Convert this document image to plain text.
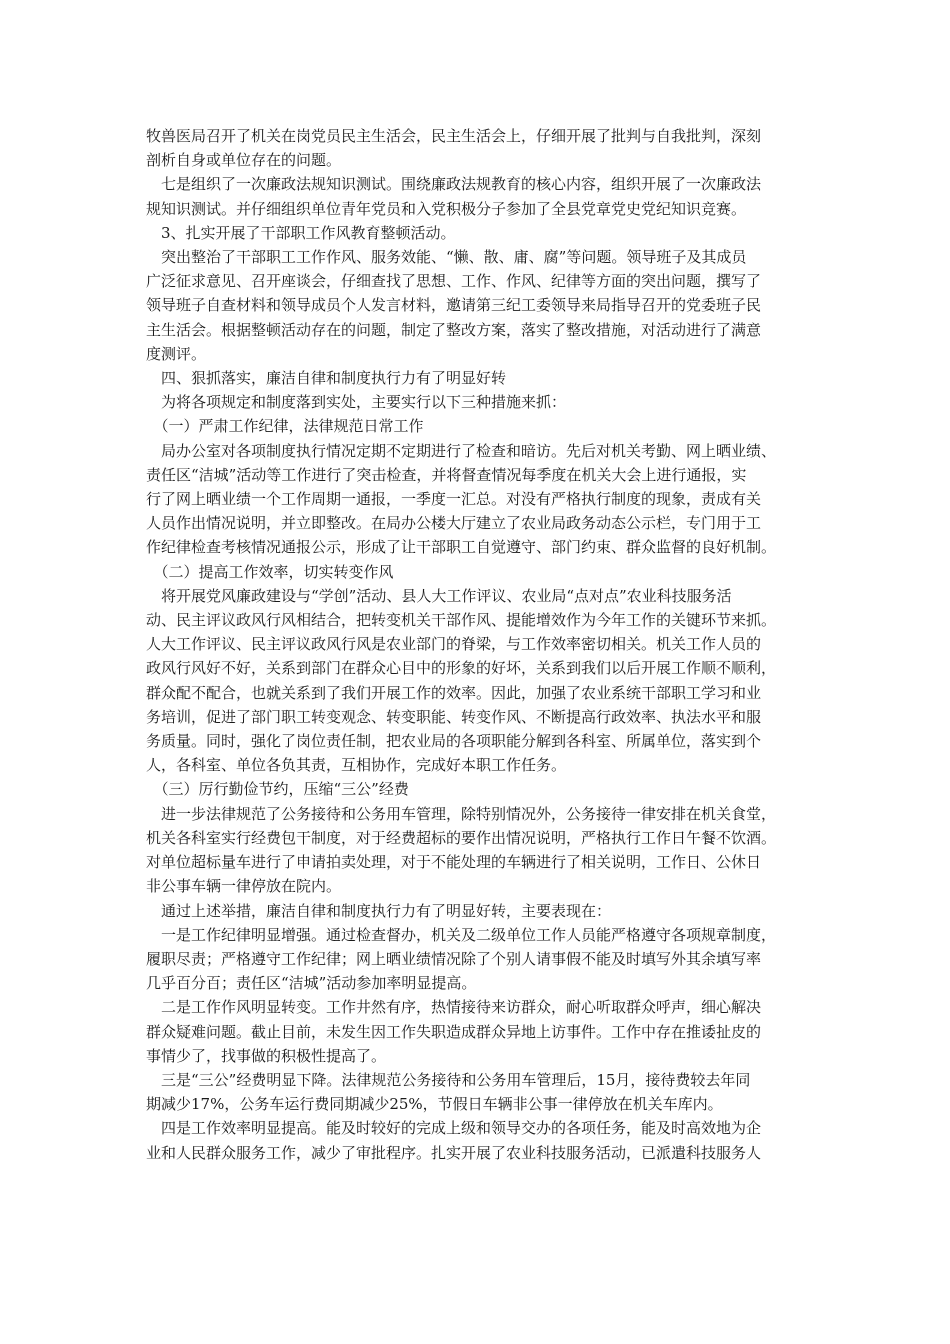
牧兽医局召开了机关在岗党员民主生活会，民主生活会上，仔细开展了批判与自我批判，深刻
剖析自身或单位存在的问题。
　七是组织了一次廉政法规知识测试。围绕廉政法规教育的核心内容，组织开展了一次廉政法
规知识测试。并仔细组织单位青年党员和入党积极分子参加了全县党章党史党纪知识竞赛。
　3、扎实开展了干部职工作风教育整顿活动。
　突出整治了干部职工工作作风、服务效能、“懒、散、庸、腐”等问题。领导班子及其成员
广泛征求意见、召开座谈会，仔细查找了思想、工作、作风、纪律等方面的突出问题，撰写了
领导班子自查材料和领导成员个人发言材料，邀请第三纪工委领导来局指导召开的党委班子民
主生活会。根据整顿活动存在的问题，制定了整改方案，落实了整改措施，对活动进行了满意
度测评。
　四、狠抓落实，廉洁自律和制度执行力有了明显好转
　为将各项规定和制度落到实处，主要实行以下三种措施来抓：
　（一）严肃工作纪律，法律规范日常工作
　局办公室对各项制度执行情况定期不定期进行了检查和暗访。先后对机关考勤、网上晒业绩、
责任区“洁城”活动等工作进行了突击检查，并将督查情况每季度在机关大会上进行通报，实
行了网上晒业绩一个工作周期一通报，一季度一汇总。对没有严格执行制度的现象，责成有关
人员作出情况说明，并立即整改。在局办公楼大厅建立了农业局政务动态公示栏，专门用于工
作纪律检查考核情况通报公示，形成了让干部职工自觉遵守、部门约束、群众监督的良好机制。
　（二）提高工作效率，切实转变作风
　将开展党风廉政建设与“学创”活动、县人大工作评议、农业局“点对点”农业科技服务活
动、民主评议政风行风相结合，把转变机关干部作风、提能增效作为今年工作的关键环节来抓。
人大工作评议、民主评议政风行风是农业部门的脊梁，与工作效率密切相关。机关工作人员的
政风行风好不好，关系到部门在群众心目中的形象的好坏，关系到我们以后开展工作顺不顺利，
群众配不配合，也就关系到了我们开展工作的效率。因此，加强了农业系统干部职工学习和业
务培训，促进了部门职工转变观念、转变职能、转变作风、不断提高行政效率、执法水平和服
务质量。同时，强化了岗位责任制，把农业局的各项职能分解到各科室、所属单位，落实到个
人，各科室、单位各负其责，互相协作，完成好本职工作任务。
　（三）厉行勤俭节约，压缩“三公”经费
　进一步法律规范了公务接待和公务用车管理，除特别情况外，公务接待一律安排在机关食堂，
机关各科室实行经费包干制度，对于经费超标的要作出情况说明，严格执行工作日午餐不饮酒。
对单位超标量车进行了申请拍卖处理，对于不能处理的车辆进行了相关说明，工作日、公休日
非公事车辆一律停放在院内。
　通过上述举措，廉洁自律和制度执行力有了明显好转，主要表现在：
　一是工作纪律明显增强。通过检查督办，机关及二级单位工作人员能严格遵守各项规章制度，
履职尽责；严格遵守工作纪律；网上晒业绩情况除了个别人请事假不能及时填写外其余填写率
几乎百分百；责任区“洁城”活动参加率明显提高。
　二是工作作风明显转变。工作井然有序，热情接待来访群众，耐心听取群众呼声，细心解决
群众疑难问题。截止目前，未发生因工作失职造成群众异地上访事件。工作中存在推诿扯皮的
事情少了，找事做的积极性提高了。
　三是“三公”经费明显下降。法律规范公务接待和公务用车管理后，15月，接待费较去年同
期减少17%，公务车运行费同期减少25%，节假日车辆非公事一律停放在机关车库内。
　四是工作效率明显提高。能及时较好的完成上级和领导交办的各项任务，能及时高效地为企
业和人民群众服务工作，减少了审批程序。扎实开展了农业科技服务活动，已派遣科技服务人
